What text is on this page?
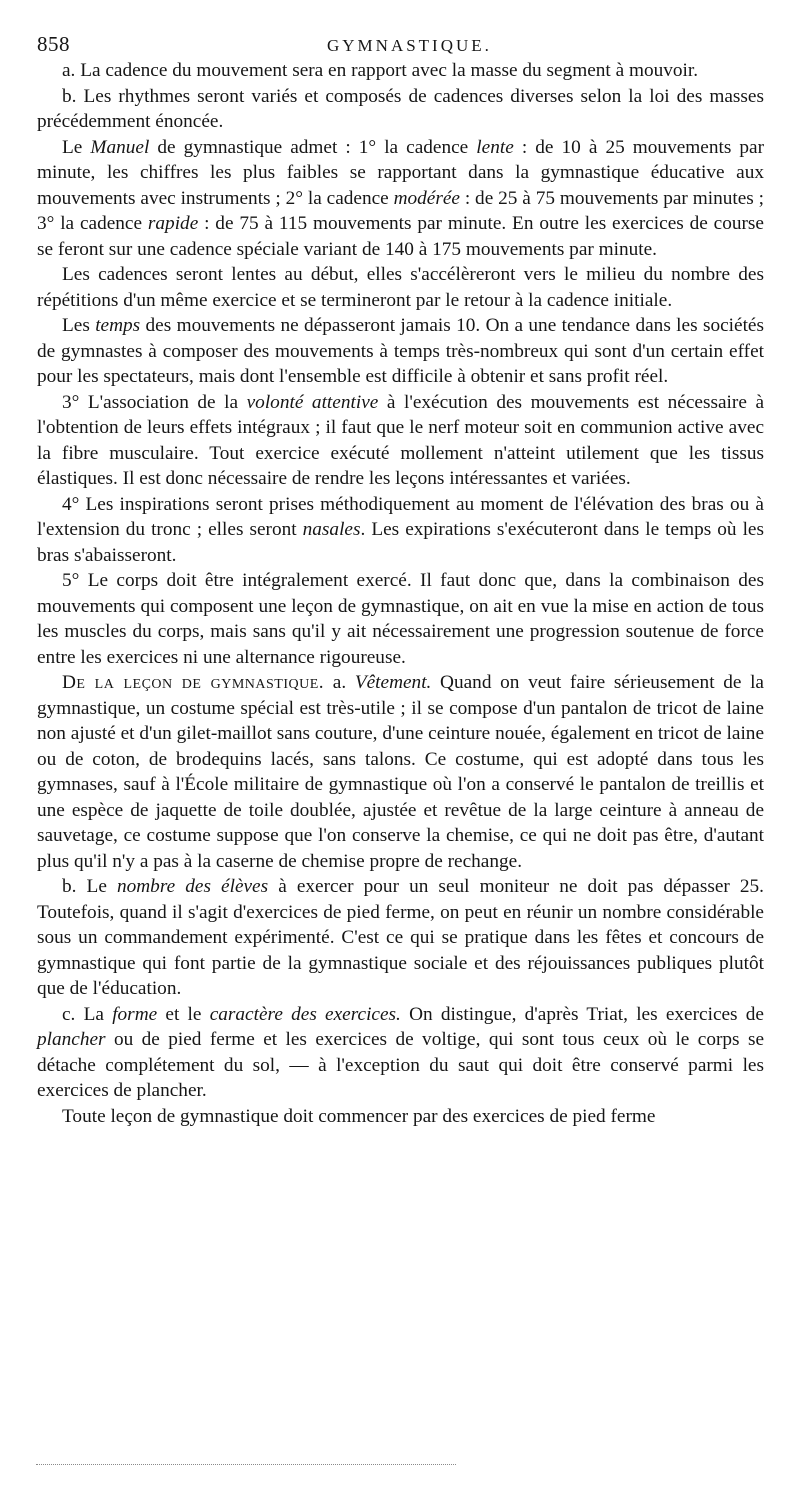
858	GYMNASTIQUE.

a. La cadence du mouvement sera en rapport avec la masse du segment à mouvoir.

b. Les rhythmes seront variés et composés de cadences diverses selon la loi des masses précédemment énoncée.

Le Manuel de gymnastique admet : 1° la cadence lente : de 10 à 25 mouvements par minute, les chiffres les plus faibles se rapportant dans la gymnastique éducative aux mouvements avec instruments ; 2° la cadence modérée : de 25 à 75 mouvements par minutes ; 3° la cadence rapide : de 75 à 115 mouvements par minute. En outre les exercices de course se feront sur une cadence spéciale variant de 140 à 175 mouvements par minute.

Les cadences seront lentes au début, elles s'accélèreront vers le milieu du nombre des répétitions d'un même exercice et se termineront par le retour à la cadence initiale.

Les temps des mouvements ne dépasseront jamais 10. On a une tendance dans les sociétés de gymnastes à composer des mouvements à temps très-nombreux qui sont d'un certain effet pour les spectateurs, mais dont l'ensemble est difficile à obtenir et sans profit réel.

3° L'association de la volonté attentive à l'exécution des mouvements est nécessaire à l'obtention de leurs effets intégraux ; il faut que le nerf moteur soit en communion active avec la fibre musculaire. Tout exercice exécuté mollement n'atteint utilement que les tissus élastiques. Il est donc nécessaire de rendre les leçons intéressantes et variées.

4° Les inspirations seront prises méthodiquement au moment de l'élévation des bras ou à l'extension du tronc ; elles seront nasales. Les expirations s'exécuteront dans le temps où les bras s'abaisseront.

5° Le corps doit être intégralement exercé. Il faut donc que, dans la combinaison des mouvements qui composent une leçon de gymnastique, on ait en vue la mise en action de tous les muscles du corps, mais sans qu'il y ait nécessairement une progression soutenue de force entre les exercices ni une alternance rigoureuse.

De la leçon de gymnastique. a. Vêtement. Quand on veut faire sérieusement de la gymnastique, un costume spécial est très-utile ; il se compose d'un pantalon de tricot de laine non ajusté et d'un gilet-maillot sans couture, d'une ceinture nouée, également en tricot de laine ou de coton, de brodequins lacés, sans talons. Ce costume, qui est adopté dans tous les gymnases, sauf à l'École militaire de gymnastique où l'on a conservé le pantalon de treillis et une espèce de jaquette de toile doublée, ajustée et revêtue de la large ceinture à anneau de sauvetage, ce costume suppose que l'on conserve la chemise, ce qui ne doit pas être, d'autant plus qu'il n'y a pas à la caserne de chemise propre de rechange.

b. Le nombre des élèves à exercer pour un seul moniteur ne doit pas dépasser 25. Toutefois, quand il s'agit d'exercices de pied ferme, on peut en réunir un nombre considérable sous un commandement expérimenté. C'est ce qui se pratique dans les fêtes et concours de gymnastique qui font partie de la gymnastique sociale et des réjouissances publiques plutôt que de l'éducation.

c. La forme et le caractère des exercices. On distingue, d'après Triat, les exercices de plancher ou de pied ferme et les exercices de voltige, qui sont tous ceux où le corps se détache complétement du sol, — à l'exception du saut qui doit être conservé parmi les exercices de plancher.

Toute leçon de gymnastique doit commencer par des exercices de pied ferme
